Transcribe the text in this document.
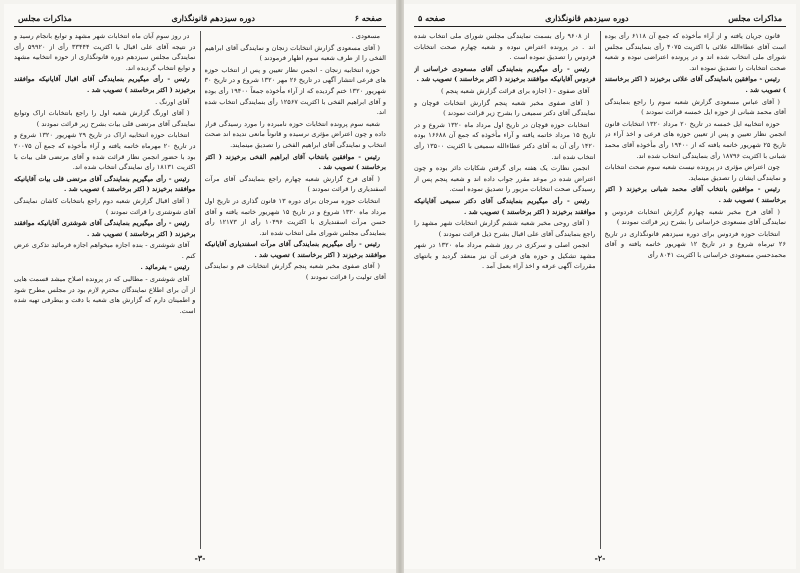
صفحه ۶
دوره سیزدهم قانونگذاری
مذاکرات مجلس

مسعودی .

( آقای مسعودی گزارش انتخابات زنجان و نمایندگی آقای ابراهیم الفخی را از طرف شعبه سوم اظهار فرمودند )

حوزه انتخابیه زنجان - انجمن نظار تعیین و پس از انتخاب حوزه های فرعی انتشار آگهی در تاریخ ۲۶ مهر ۱۳۲۰ شروع و در تاریخ ۳۰ شهریور ۱۳۲۰ ختم گردیده که از آراء مأخوذه جمعاً ۱۹۴۰۰ رأی بوده و آقای ابراهیم الفخی با اکثریت ۱۲۵۶۷ رأی بنمایندگی انتخاب شده اند.

شعبه سوم پرونده انتخابات حوزه نامبرده را مورد رسیدگی قرار داده و چون اعتراض مؤثری نرسیده و قانوناً مانعی ندیده اند صحت انتخاب و نمایندگی آقای ابراهیم الفخی را تصدیق مینمایند.

رئیس - موافقین بانتخاب آقای ابراهیم الفخی برخیزند ( اکثر برخاستند ) تصویب شد .

( آقای فرخ گزارش شعبه چهارم راجع بنمایندگی آقای مرآت اسفندیاری را قرائت نمودند )

انتخابات حوزه سرجان برای دوره ۱۳ قانون گذاری در تاریخ اول مرداد ماه ۱۳۲۰ شروع و در تاریخ ۱۵ شهریور خاتمه یافته و آقای حسن مرآت اسفندیاری با اکثریت ۱۰۴۹۶ رأی از ۱۲۱۷۳ رأی بنمایندگی مجلس شورای ملی انتخاب شده اند.

رئیس - رأی میگیریم بنمایندگی آقای مرآت اسفندیاری آقایانیکه موافقند برخیزند ( اکثر برخاستند ) تصویب شد .

( آقای صفوی مخبر شعبه پنجم گزارش انتخابات قم و نمایندگی آقای تولیت را قرائت نمودند )

در روز سوم آبان ماه انتخابات شهر مشهد و توابع بانجام رسید و در نتیجه آقای علی اقبال با اکثریت ۳۳۴۴۴ رأی از ۵۹۹۲۰ رأی نمایندگی مجلس سیزدهم دوره قانونگذاری از حوزه انتخابیه مشهد و توابع انتخاب گردیده اند.

رئیس - رأی میگیریم بنمایندگی آقای اقبال آقایانیکه موافقند برخیزند ( اکثر برخاستند ) تصویب شد .

آقای اورنگ .

( آقای اورنگ گزارش شعبه اول را راجع بانتخابات اراک وتوابع نمایندگی آقای مرتضی قلی بیات بشرح زیر قرائت نمودند )

انتخابات حوزه انتخابیه اراک در تاریخ ۲۹ شهریور ۱۳۲۰ شروع و در تاریخ ۲۰ مهرماه خاتمه یافته و آراء مأخوذه که جمع آن ۲۰۰۷۵ بود با حضور انجمن نظار قرائت شده و آقای مرتضی قلی بیات با اکثریت ۱۸۱۳۱ رأی نمایندگی انتخاب شده اند.

رئیس - رأی میگیریم بنمایندگی آقای مرتضی قلی بیات آقایانیکه موافقند برخیزند ( اکثر برخاستند ) تصویب شد .

( آقای اقبال گزارش شعبه دوم راجع بانتخابات کاشان نمایندگی آقای شوشتری را قرائت نمودند )

رئیس - رأی میگیریم بنمایندگی آقای شوشتری آقایانیکه موافقند برخیزند ( اکثر برخاستند ) تصویب شد .

آقای شوشتری - بنده اجازه میخواهم اجازه فرمائید تذکری عرض کنم .

رئیس - بفرمائید .

آقای شوشتری - مطالبی که در پرونده اصلاح میشد قسمت هایی از آن برای اطلاع نمایندگان محترم لازم بود در مجلس مطرح شود و اطمینان دارم که گزارش های شعبه با دقت و بیطرفی تهیه شده است.

-۳-
مذاکرات مجلس
دوره سیزدهم قانونگذاری
صفحه ۵

قانون جریان یافته و از آراء مأخوذه که جمع آن ۶۱۱۸ رأی بوده است آقای عطاءالله علائی با اکثریت ۴۰۷۵ رأی بنمایندگی مجلس شورای ملی انتخاب شده اند و در پرونده اعتراضی نبوده و شعبه صحت انتخابات را تصدیق نموده اند.

رئیس - موافقین بانمایندگی آقای علائی برخیزند ( اکثر برخاستند ) تصویب شد .

( آقای عباس مسعودی گزارش شعبه سوم را راجع بنمایندگی آقای محمد شبانی از حوزه ایل خمسه قرائت نمودند )

حوزه انتخابیه ایل خمسه در تاریخ ۲۰ مرداد ۱۳۲۰ انتخابات قانون انجمن نظار تعیین و پس از تعیین حوزه های فرعی و اخذ آراء در تاریخ ۲۵ شهریور خاتمه یافته که از ۱۹۴۰۰ رأی مأخوذه آقای محمد شبانی با اکثریت ۱۸۷۹۶ رأی بنمایندگی انتخاب شده اند.

چون اعتراض مؤثری در پرونده نیست شعبه سوم صحت انتخابات و نمایندگی ایشان را تصدیق مینماید.

رئیس - موافقین بانتخاب آقای محمد شبانی برخیزند ( اکثر برخاستند ) تصویب شد .

( آقای فرخ مخبر شعبه چهارم گزارش انتخابات فردوس و نمایندگی آقای مسعودی خراسانی را بشرح زیر قرائت نمودند )

انتخابات حوزه فردوس برای دوره سیزدهم قانونگذاری در تاریخ ۲۶ تیرماه شروع و در تاریخ ۱۲ شهریور خاتمه یافته و آقای محمدحسن مسعودی خراسانی با اکثریت ۸۰۴۱ رأی

از ۹۶۰۸ رأی بسمت نمایندگی مجلس شورای ملی انتخاب شده اند . در پرونده اعتراض نبوده و شعبه چهارم صحت انتخابات فردوس را تصدیق نموده است .

رئیس - رأی میگیریم بنمایندگی آقای مسعودی خراسانی از فردوس آقایانیکه موافقند برخیزند ( اکثر برخاستند ) تصویب شد .

آقای صفوی - ( اجازه برای قرائت گزارش شعبه پنجم )

( آقای صفوی مخبر شعبه پنجم گزارش انتخابات قوچان و نمایندگی آقای دکتر سمیعی را بشرح زیر قرائت نمودند )

انتخابات حوزه قوچان در تاریخ اول مرداد ماه ۱۳۲۰ شروع و در تاریخ ۱۵ مرداد خاتمه یافته و آراء مأخوذه که جمع آن ۱۶۶۸۸ بوده ۱۴۲۰ رأی آن به آقای دکتر عطاءالله سمیعی با اکثریت ۱۳۵۰۰ رأی انتخاب شده اند.

انجمن نظارت یک هفته برای گرفتن شکایات دائر بوده و چون اعتراض شده در موعد مقرر جواب داده اند و شعبه پنجم پس از رسیدگی صحت انتخابات مزبور را تصدیق نموده است.

رئیس - رأی میگیریم بنمایندگی آقای دکتر سمیعی آقایانیکه موافقند برخیزند ( اکثر برخاستند ) تصویب شد .

( آقای روحی مخبر شعبه ششم گزارش انتخابات شهر مشهد را راجع بنمایندگی آقای علی اقبال بشرح ذیل قرائت نمودند )

انجمن اصلی و سرکزی در روز ششم مرداد ماه ۱۳۲۰ در شهر مشهد تشکیل و حوزه های فرعی آن نیز منعقد گردید و بانتهای مقررات آگهی عرفه و اخذ آراء بعمل آمد .

-۲-
